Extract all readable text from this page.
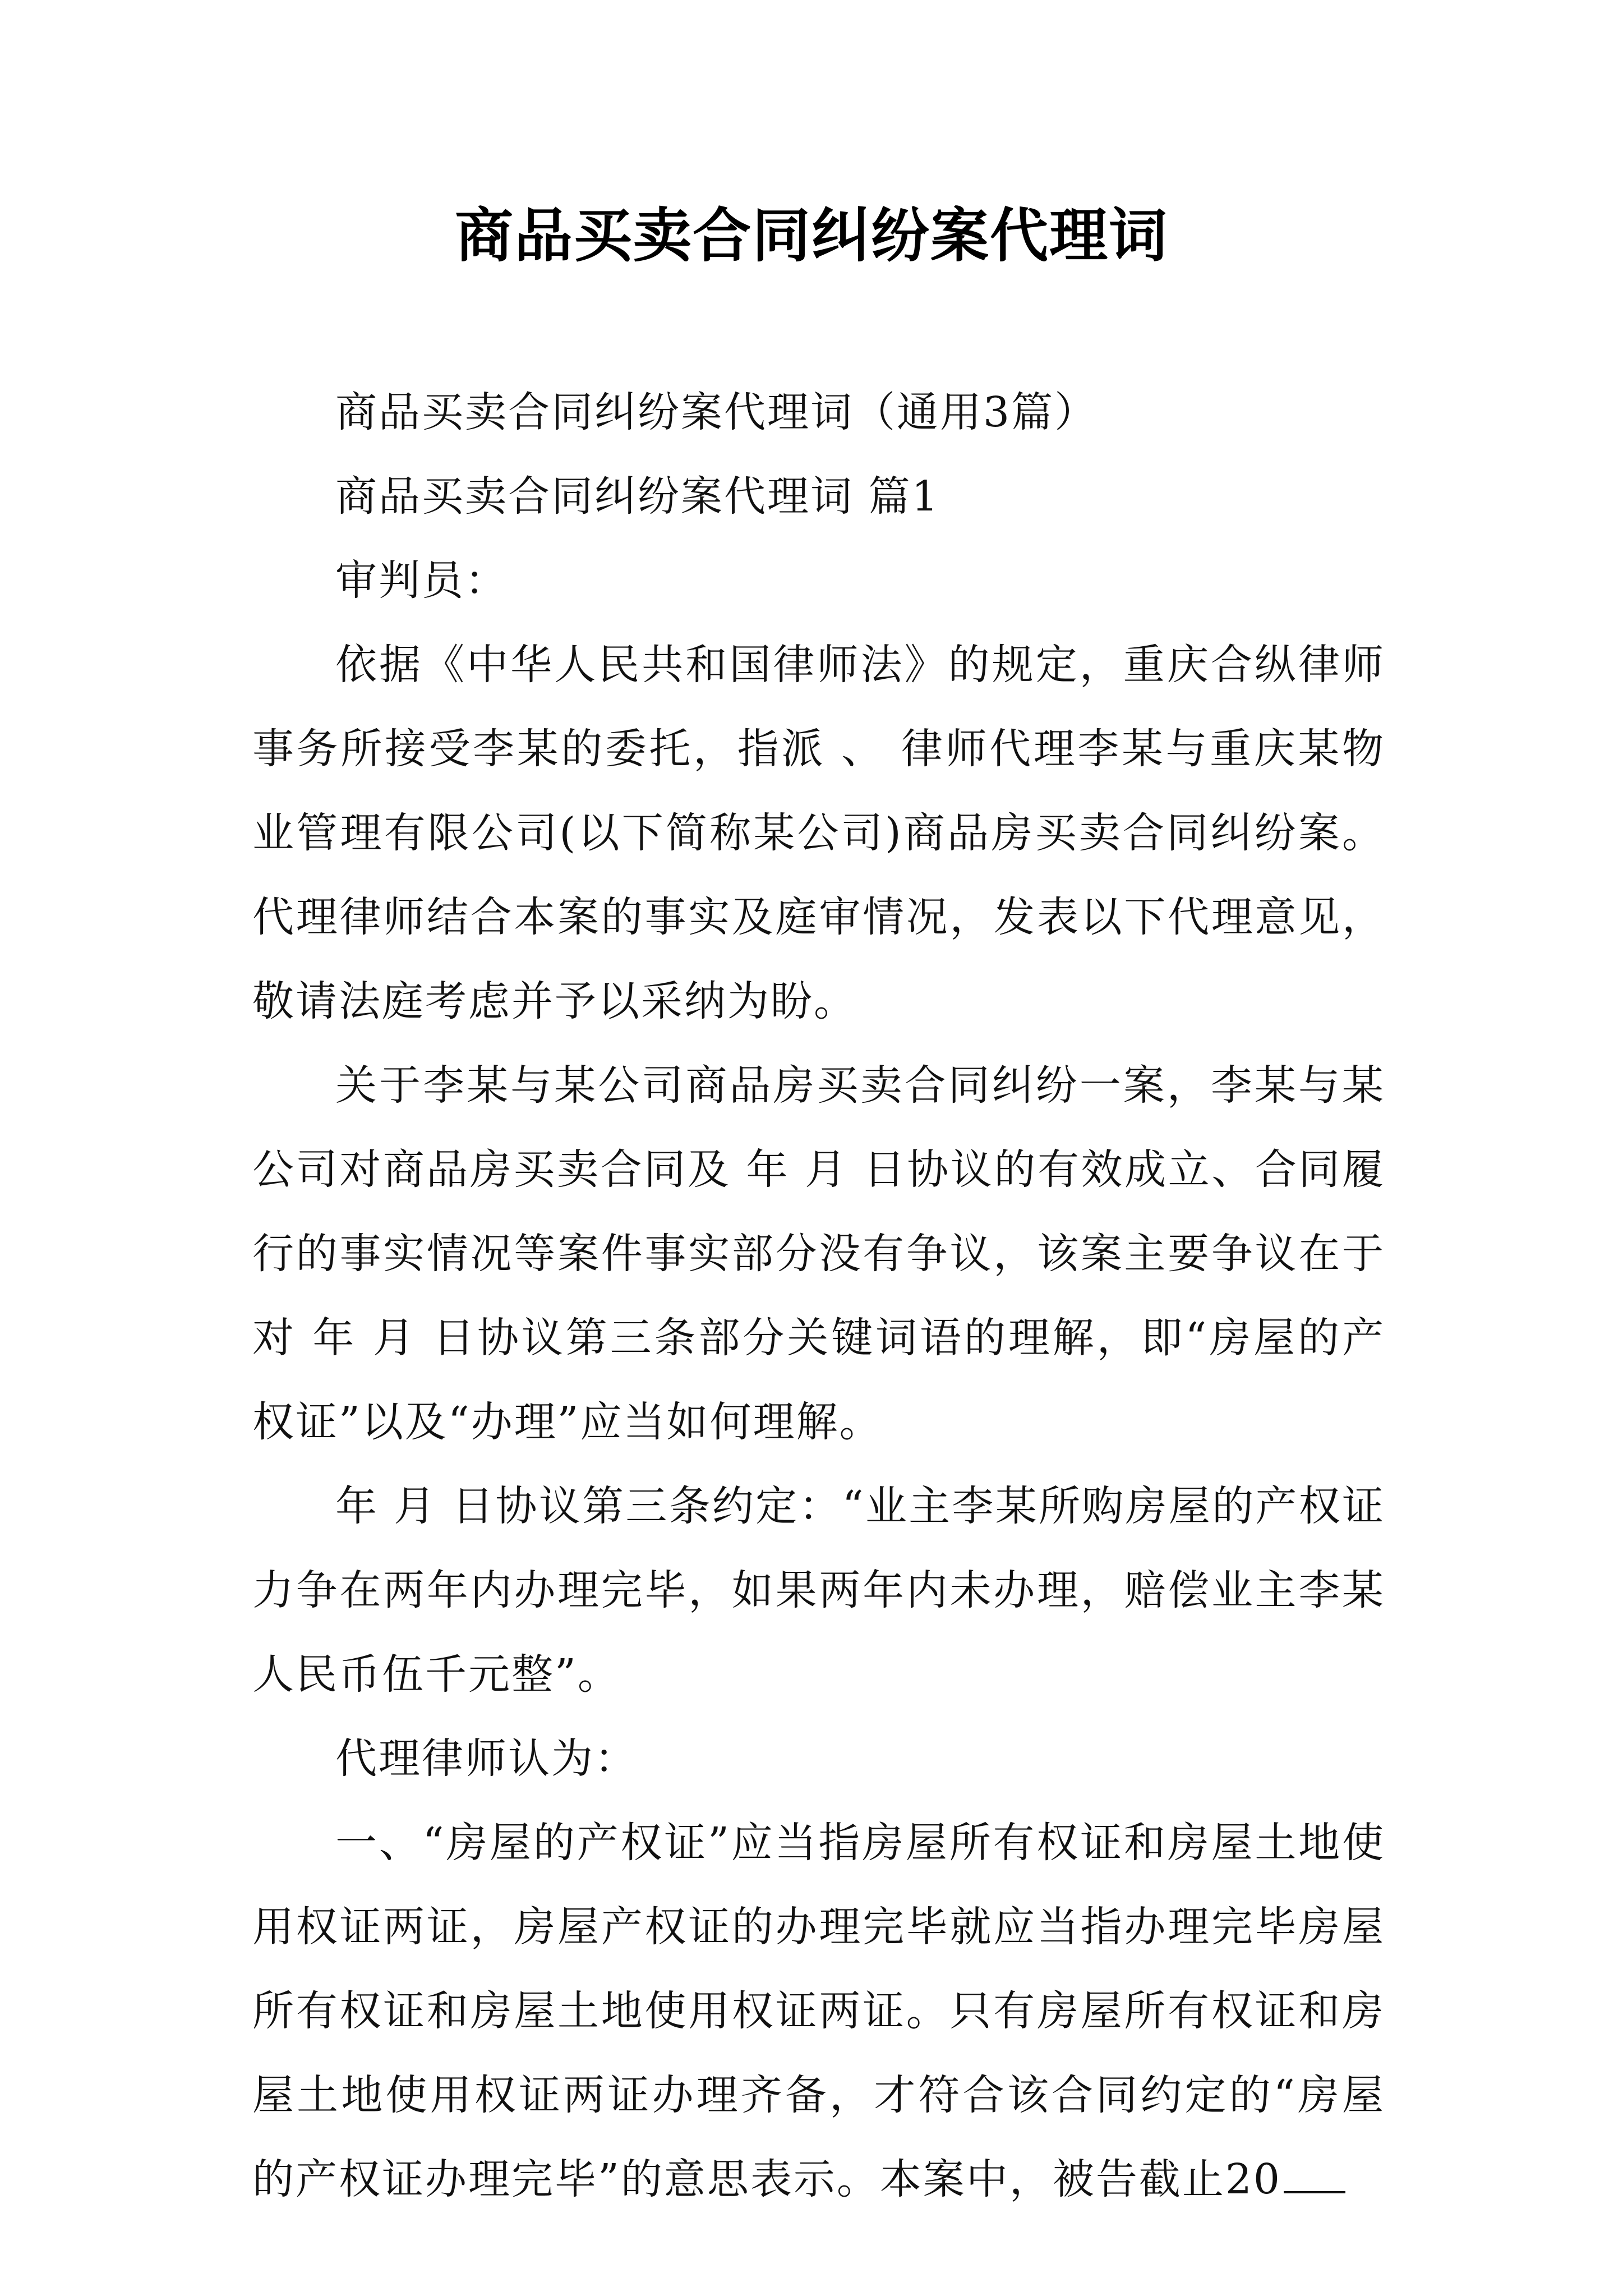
商品买卖合同纠纷案代理词

商品买卖合同纠纷案代理词（通用3篇）

商品买卖合同纠纷案代理词 篇1

审判员：

依据《中华人民共和国律师法》的规定，重庆合纵律师事务所接受李某的委托，指派 、 律师代理李某与重庆某物业管理有限公司(以下简称某公司)商品房买卖合同纠纷案。代理律师结合本案的事实及庭审情况，发表以下代理意见，敬请法庭考虑并予以采纳为盼。

关于李某与某公司商品房买卖合同纠纷一案，李某与某公司对商品房买卖合同及 年 月 日协议的有效成立、合同履行的事实情况等案件事实部分没有争议，该案主要争议在于对 年 月 日协议第三条部分关键词语的理解，即“房屋的产权证”以及“办理”应当如何理解。

年 月 日协议第三条约定：“业主李某所购房屋的产权证力争在两年内办理完毕，如果两年内未办理，赔偿业主李某人民币伍千元整”。

代理律师认为：

一、“房屋的产权证”应当指房屋所有权证和房屋土地使用权证两证，房屋产权证的办理完毕就应当指办理完毕房屋所有权证和房屋土地使用权证两证。只有房屋所有权证和房屋土地使用权证两证办理齐备，才符合该合同约定的“房屋的产权证办理完毕”的意思表示。本案中，被告截止20
